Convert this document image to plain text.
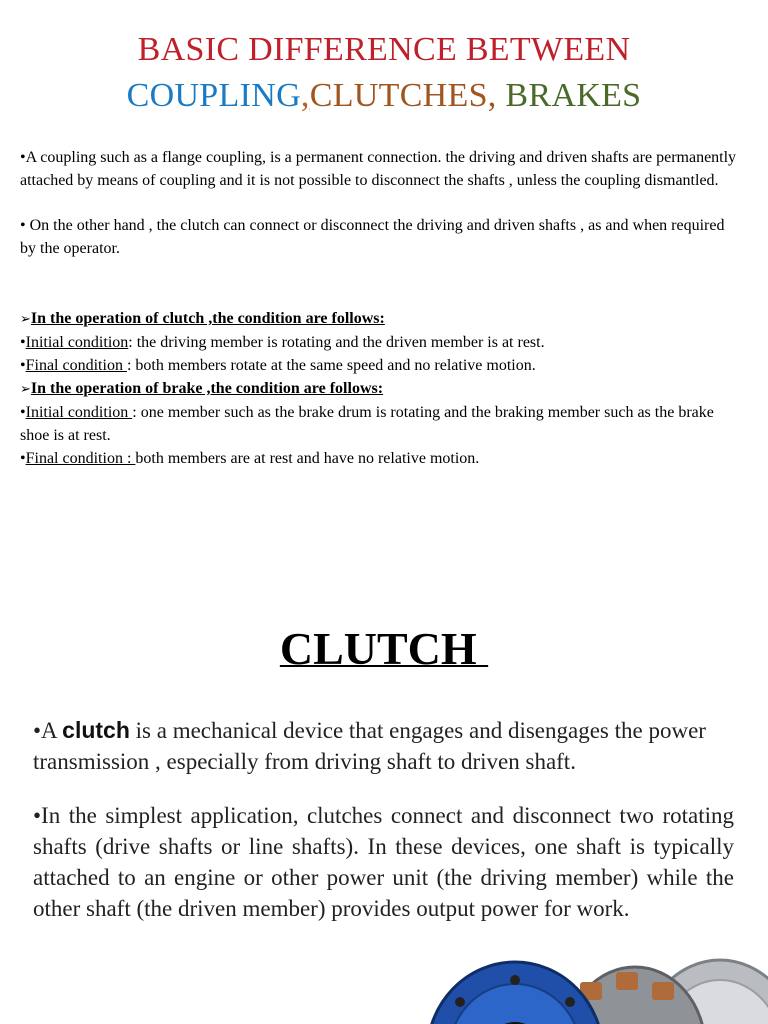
BASIC DIFFERENCE BETWEEN
COUPLING,CLUTCHES, BRAKES
•A coupling such as a flange coupling, is a permanent connection. the driving and driven shafts are permanently attached by means of coupling and it is not possible to disconnect the shafts , unless the coupling dismantled.
• On the other hand , the clutch can connect or disconnect the driving and driven shafts , as and when required by the operator.
➢In the operation of clutch ,the condition are follows:
•Initial condition: the driving member is rotating and the driven member is at rest.
•Final condition : both members rotate at the same speed and no relative motion.
➢In the operation of brake ,the condition are follows:
•Initial condition : one member such as the brake drum is rotating and the braking member such as the brake shoe is at rest.
•Final condition : both members are at rest and have no relative motion.
CLUTCH
•A clutch is a mechanical device that engages and disengages the power transmission , especially from driving shaft to driven shaft.
•In the simplest application, clutches connect and disconnect two rotating shafts (drive shafts or line shafts). In these devices, one shaft is typically attached to an engine or other power unit (the driving member) while the other shaft (the driven member) provides output power for work.
